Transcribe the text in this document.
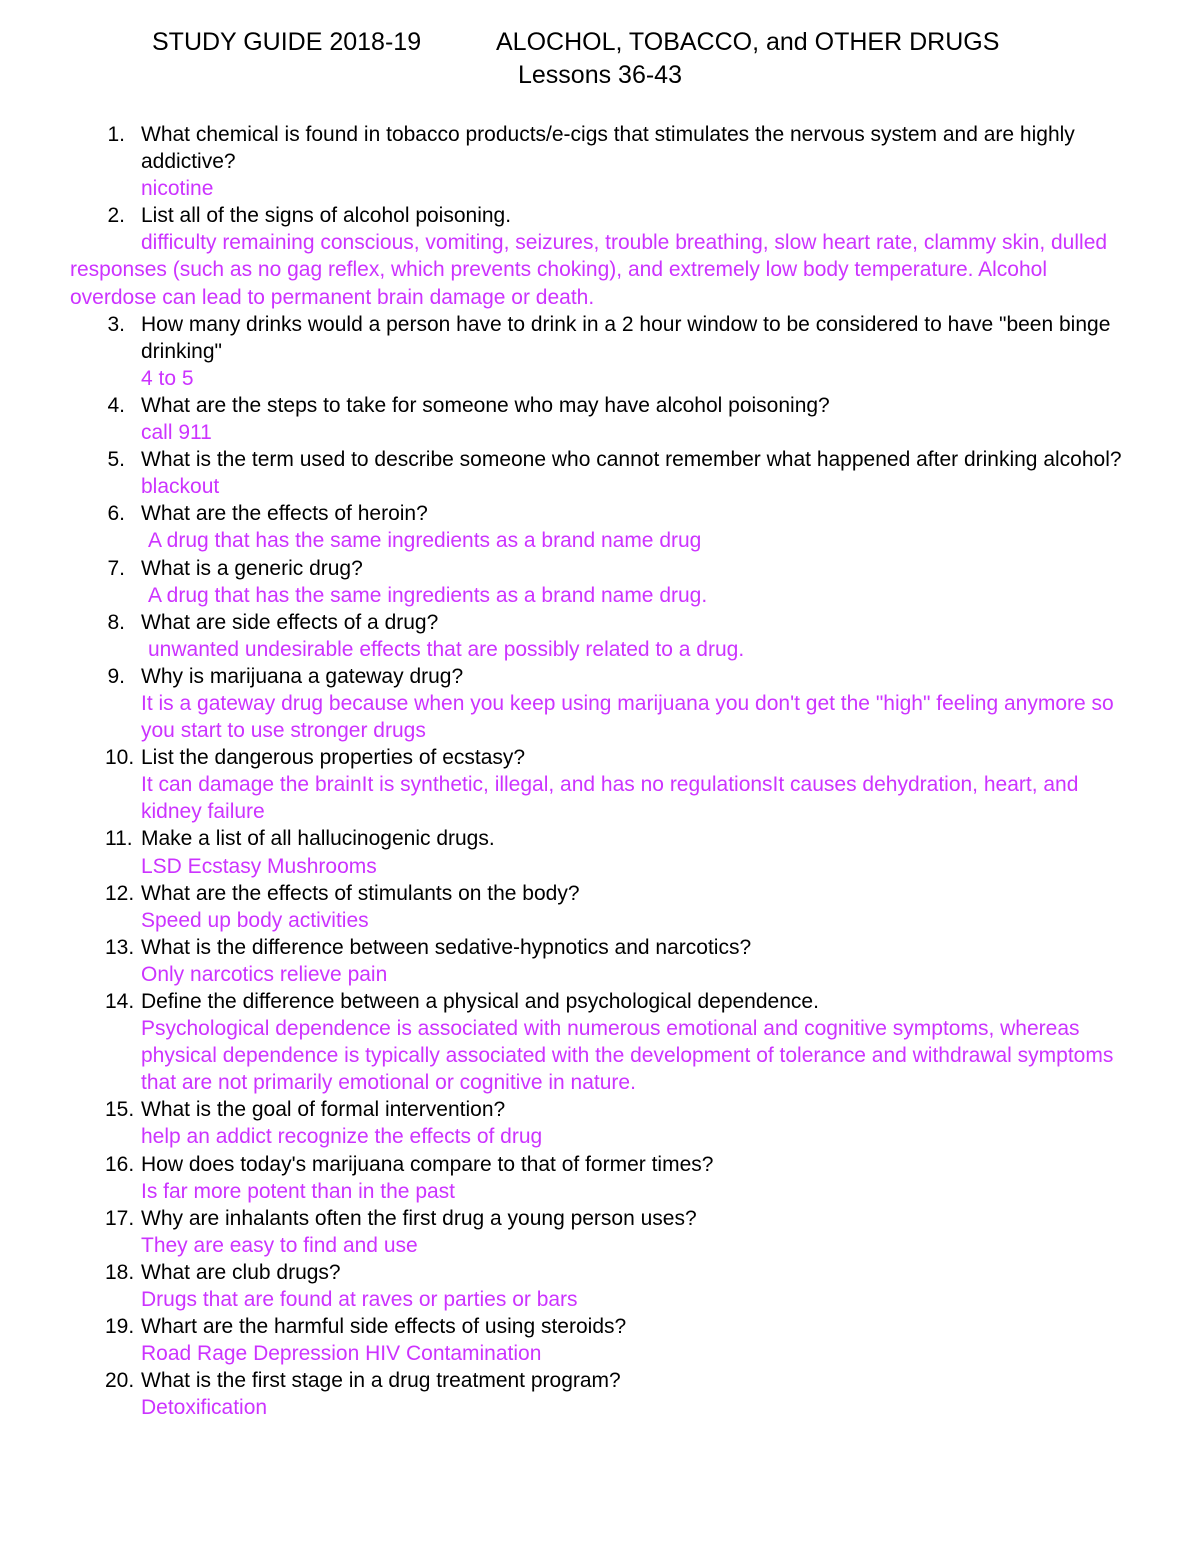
STUDY GUIDE 2018-19	ALOCHOL, TOBACCO, and OTHER DRUGS
Lessons 36-43
1. What chemical is found in tobacco products/e-cigs that stimulates the nervous system and are highly addictive?
nicotine
2. List all of the signs of alcohol poisoning.
difficulty remaining conscious, vomiting, seizures, trouble breathing, slow heart rate, clammy skin, dulled responses (such as no gag reflex, which prevents choking), and extremely low body temperature. Alcohol overdose can lead to permanent brain damage or death.
3. How many drinks would a person have to drink in a 2 hour window to be considered to have "been binge drinking"
4 to 5
4. What are the steps to take for someone who may have alcohol poisoning?
call 911
5. What is the term used to describe someone who cannot remember what happened after drinking alcohol?
blackout
6. What are the effects of heroin?
A drug that has the same ingredients as a brand name drug
7. What is a generic drug?
A drug that has the same ingredients as a brand name drug.
8. What are side effects of a drug?
unwanted undesirable effects that are possibly related to a drug.
9. Why is marijuana a gateway drug?
It is a gateway drug because when you keep using marijuana you don't get the "high" feeling anymore so you start to use stronger drugs
10. List the dangerous properties of ecstasy?
It can damage the brainIt is synthetic, illegal, and has no regulationsIt causes dehydration, heart, and kidney failure
11. Make a list of all hallucinogenic drugs.
LSD Ecstasy Mushrooms
12. What are the effects of stimulants on the body?
Speed up body activities
13. What is the difference between sedative-hypnotics and narcotics?
Only narcotics relieve pain
14. Define the difference between a physical and psychological dependence.
Psychological dependence is associated with numerous emotional and cognitive symptoms, whereas physical dependence is typically associated with the development of tolerance and withdrawal symptoms that are not primarily emotional or cognitive in nature.
15. What is the goal of formal intervention?
help an addict recognize the effects of drug
16. How does today's marijuana compare to that of former times?
Is far more potent than in the past
17. Why are inhalants often the first drug a young person uses?
They are easy to find and use
18. What are club drugs?
Drugs that are found at raves or parties or bars
19. Whart are the harmful side effects of using steroids?
Road Rage Depression HIV Contamination
20. What is the first stage in a drug treatment program?
Detoxification
